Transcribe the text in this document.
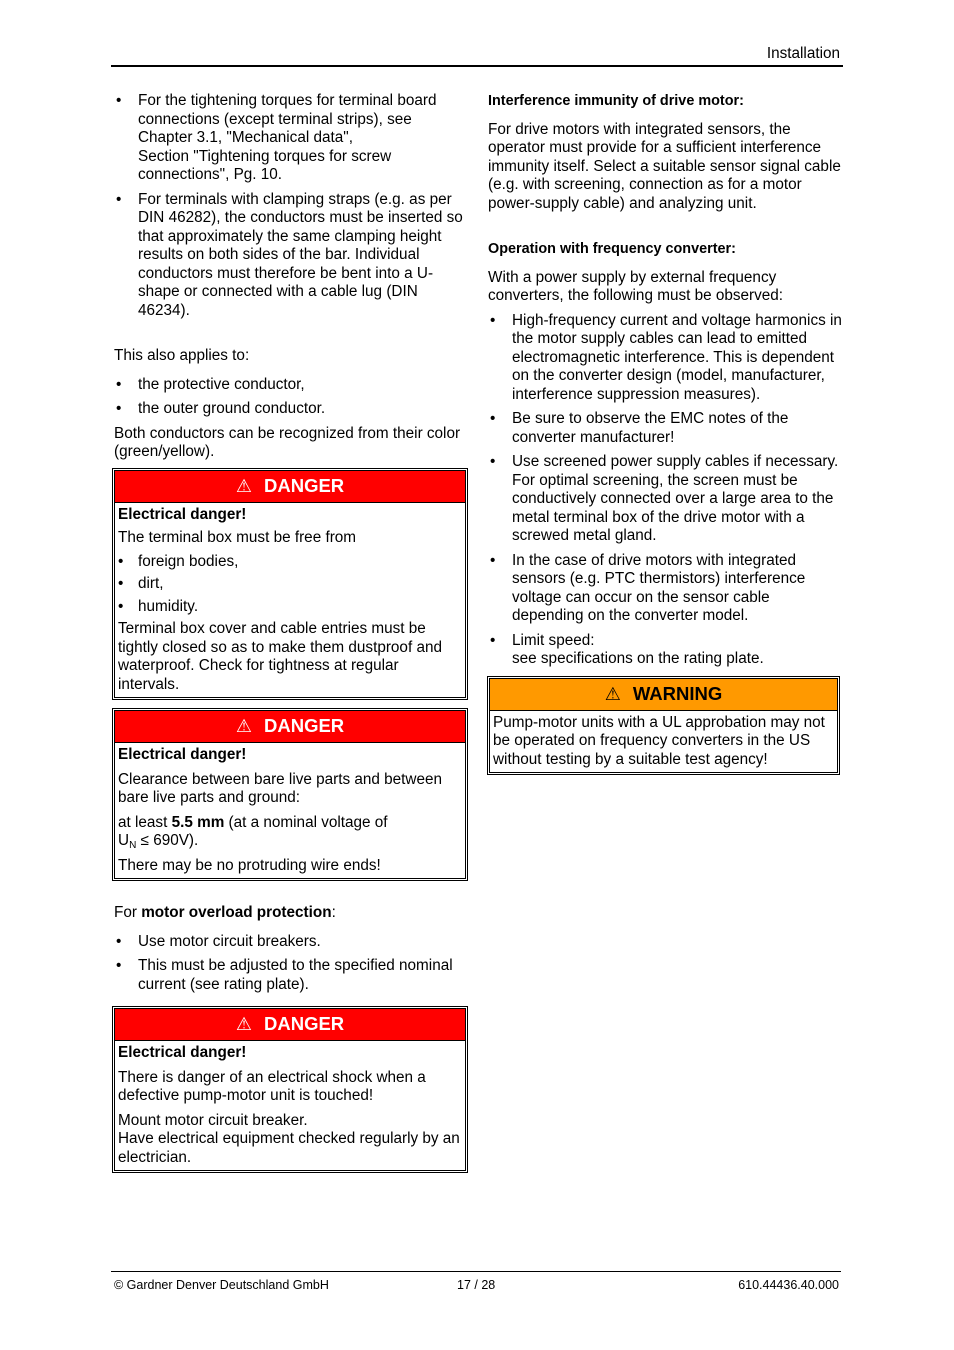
Installation
• For the tightening torques for terminal board connections (except terminal strips), see Chapter 3.1, "Mechanical data",
Section "Tightening torques for screw connections", Pg. 10.
• For terminals with clamping straps (e.g. as per DIN 46282), the conductors must be inserted so that approximately the same clamping height results on both sides of the bar. Individual conductors must therefore be bent into a U-shape or connected with a cable lug (DIN 46234).

This also applies to:

• the protective conductor,
• the outer ground conductor.

Both conductors can be recognized from their color (green/yellow).

⚠ DANGER

Electrical danger!

The terminal box must be free from

• foreign bodies,
• dirt,
• humidity.

Terminal box cover and cable entries must be tightly closed so as to make them dustproof and waterproof. Check for tightness at regular intervals.

⚠ DANGER

Electrical danger!

Clearance between bare live parts and between bare live parts and ground:

at least 5.5 mm (at a nominal voltage of
$U_N \le 690V$).

There may be no protruding wire ends!

For motor overload protection:

• Use motor circuit breakers.
• This must be adjusted to the specified nominal current (see rating plate).
⚠ DANGER

Electrical danger!

There is danger of an electrical shock when a defective pump-motor unit is touched!

Mount motor circuit breaker.
Have electrical equipment checked regularly by an electrician.

Interference immunity of drive motor:

For drive motors with integrated sensors, the operator must provide for a sufficient interference immunity itself. Select a suitable sensor signal cable (e.g. with screening, connection as for a motor power-supply cable) and analyzing unit.

Operation with frequency converter:

With a power supply by external frequency converters, the following must be observed:

• High-frequency current and voltage harmonics in the motor supply cables can lead to emitted electromagnetic interference. This is dependent on the converter design (model, manufacturer, interference suppression measures).
• Be sure to observe the EMC notes of the converter manufacturer!
• Use screened power supply cables if necessary. For optimal screening, the screen must be conductively connected over a large area to the metal terminal box of the drive motor with a screwed metal gland.
• In the case of drive motors with integrated sensors (e.g. PTC thermistors) interference voltage can occur on the sensor cable depending on the converter model.
• Limit speed:
see specifications on the rating plate.
⚠ WARNING

Pump-motor units with a UL approbation may not be operated on frequency converters in the US without testing by a suitable test agency!

© Gardner Denver Deutschland GmbH	17 / 28	610.44436.40.000
